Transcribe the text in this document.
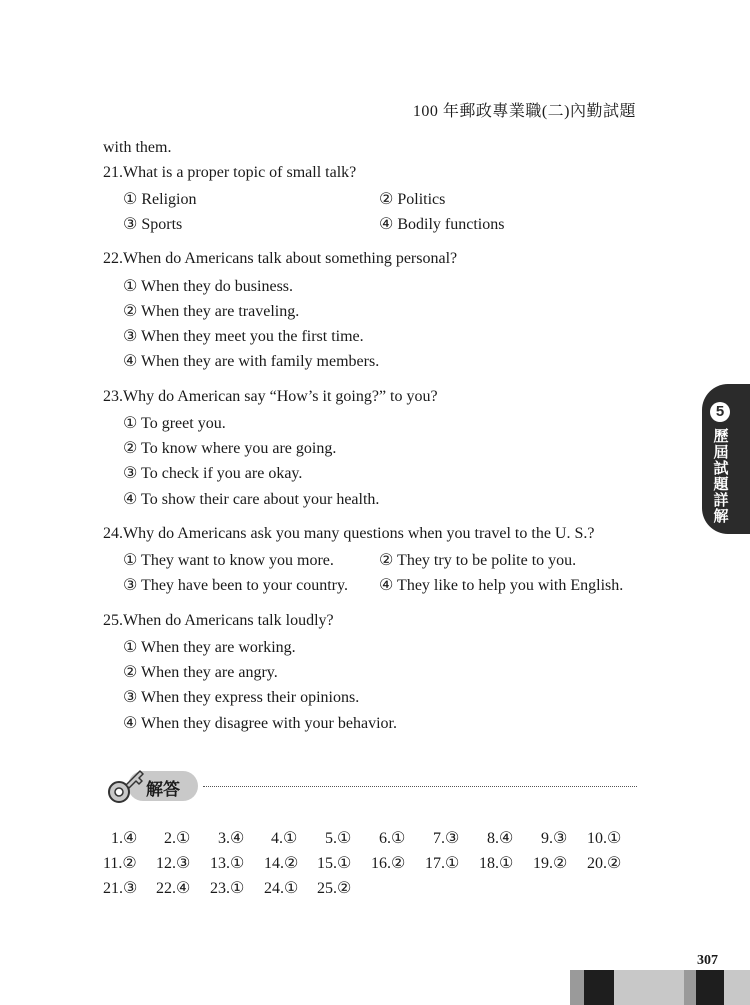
100 年郵政專業職(二)內勤試題
with them.
21.What is a proper topic of small talk?
① Religion	② Politics
③ Sports	④ Bodily functions
22.When do Americans talk about something personal?
① When they do business.
② When they are traveling.
③ When they meet you the first time.
④ When they are with family members.
23.Why do American say “How’s it going?” to you?
① To greet you.
② To know where you are going.
③ To check if you are okay.
④ To show their care about your health.
24.Why do Americans ask you many questions when you travel to the U. S.?
① They want to know you more.	② They try to be polite to you.
③ They have been to your country. ④ They like to help you with English.
25.When do Americans talk loudly?
① When they are working.
② When they are angry.
③ When they express their opinions.
④ When they disagree with your behavior.
5
歷屆試題詳解
解答
1.④ 2.① 3.④ 4.① 5.① 6.① 7.③ 8.④ 9.③ 10.①
11.② 12.③ 13.① 14.② 15.① 16.② 17.① 18.① 19.② 20.②
21.③ 22.④ 23.① 24.① 25.②
307
